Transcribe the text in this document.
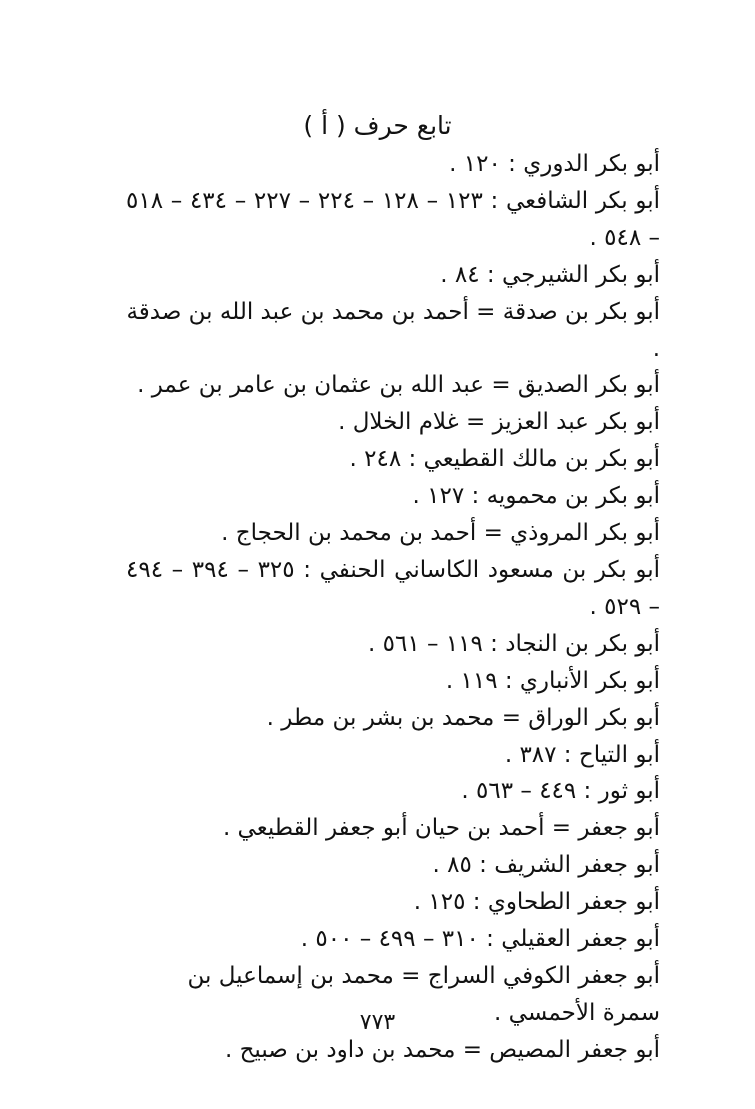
تابع حرف ( أ )
أبو بكر الدوري : ١٢٠ .
أبو بكر الشافعي : ١٢٣ – ١٢٨ – ٢٢٤ – ٢٢٧ – ٤٣٤ – ٥١٨ – ٥٤٨ .
أبو بكر الشيرجي : ٨٤ .
أبو بكر بن صدقة = أحمد بن محمد بن عبد الله بن صدقة .
أبو بكر الصديق = عبد الله بن عثمان بن عامر بن عمر .
أبو بكر عبد العزيز = غلام الخلال .
أبو بكر بن مالك القطيعي : ٢٤٨ .
أبو بكر بن محمويه : ١٢٧ .
أبو بكر المروذي = أحمد بن محمد بن الحجاج .
أبو بكر بن مسعود الكاساني الحنفي : ٣٢٥ – ٣٩٤ – ٤٩٤ – ٥٢٩ .
أبو بكر بن النجاد : ١١٩ – ٥٦١ .
أبو بكر الأنباري : ١١٩ .
أبو بكر الوراق = محمد بن بشر بن مطر .
أبو التياح : ٣٨٧ .
أبو ثور : ٤٤٩ – ٥٦٣ .
أبو جعفر = أحمد بن حيان أبو جعفر القطيعي .
أبو جعفر الشريف : ٨٥ .
أبو جعفر الطحاوي : ١٢٥ .
أبو جعفر العقيلي : ٣١٠ – ٤٩٩ – ٥٠٠ .
أبو جعفر الكوفي السراج = محمد بن إسماعيل بن سمرة الأحمسي .
أبو جعفر المصيص = محمد بن داود بن صبيح .
٧٧٣
